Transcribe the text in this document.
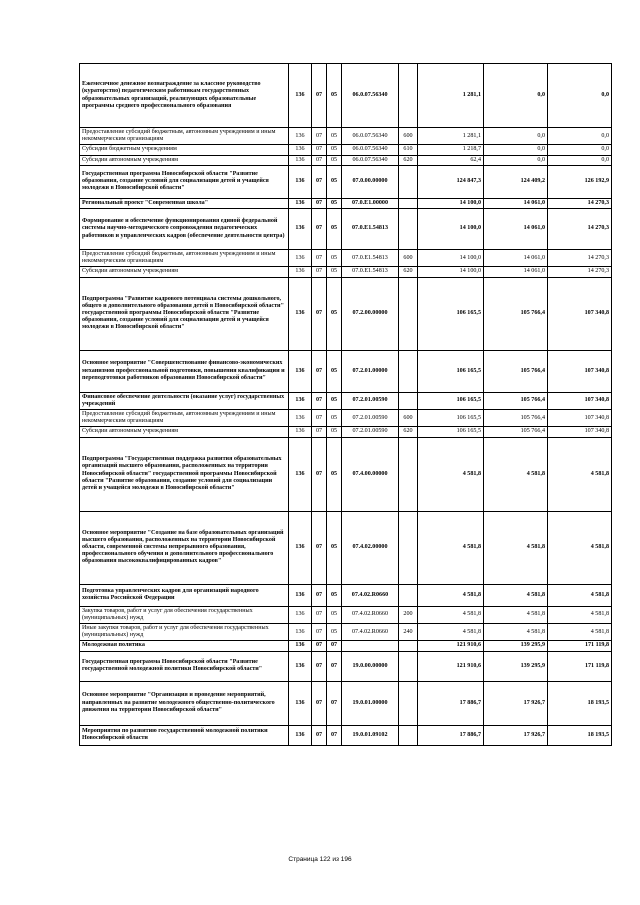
Ежемесячное денежное вознаграждение за классное руководство (кураторство) педагогическим работникам государственных образовательных организаций, реализующих образовательные программы среднего профессионального образования	136	07	05	06.0.07.56340		1 281,1	0,0	0,0
Предоставление субсидий бюджетным, автономным учреждениям и иным некоммерческим организациям	136	07	05	06.0.07.56340	600	1 281,1	0,0	0,0
Субсидии бюджетным учреждениям	136	07	05	06.0.07.56340	610	1 218,7	0,0	0,0
Субсидии автономным учреждениям	136	07	05	06.0.07.56340	620	62,4	0,0	0,0
Государственная программа Новосибирской области "Развитие образования, создание условий для социализации детей и учащейся молодежи в Новосибирской области"	136	07	05	07.0.00.00000		124 847,3	124 409,2	126 192,9
Региональный проект "Современная школа"	136	07	05	07.0.E1.00000		14 100,0	14 061,0	14 270,3
Формирование и обеспечение функционирования единой федеральной системы научно-методического сопровождения педагогических работников и управленческих кадров (обеспечение деятельности центра)	136	07	05	07.0.E1.54813		14 100,0	14 061,0	14 270,3
Предоставление субсидий бюджетным, автономным учреждениям и иным некоммерческим организациям	136	07	05	07.0.E1.54813	600	14 100,0	14 061,0	14 270,3
Субсидии автономным учреждениям	136	07	05	07.0.E1.54813	620	14 100,0	14 061,0	14 270,3
Подпрограмма "Развитие кадрового потенциала системы дошкольного, общего и дополнительного образования детей в Новосибирской области" государственной программы Новосибирской области "Развитие образования, создание условий для социализации детей и учащейся молодежи в Новосибирской области"	136	07	05	07.2.00.00000		106 165,5	105 766,4	107 340,8
Основное мероприятие "Совершенствование финансово-экономических механизмов профессиональной подготовки, повышения квалификации и переподготовки работников образования Новосибирской области"	136	07	05	07.2.01.00000		106 165,5	105 766,4	107 340,8
Финансовое обеспечение деятельности (оказание услуг) государственных учреждений	136	07	05	07.2.01.00590		106 165,5	105 766,4	107 340,8
Предоставление субсидий бюджетным, автономным учреждениям и иным некоммерческим организациям	136	07	05	07.2.01.00590	600	106 165,5	105 766,4	107 340,8
Субсидии автономным учреждениям	136	07	05	07.2.01.00590	620	106 165,5	105 766,4	107 340,8
Подпрограмма "Государственная поддержка развития образовательных организаций высшего образования, расположенных на территории Новосибирской области" государственной программы Новосибирской области "Развитие образования, создание условий для социализации детей и учащейся молодежи в Новосибирской области"	136	07	05	07.4.00.00000		4 581,8	4 581,8	4 581,8
Основное мероприятие "Создание на базе образовательных организаций высшего образования, расположенных на территории Новосибирской области, современной системы непрерывного образования, профессионального обучения и дополнительного профессионального образования высококвалифицированных кадров"	136	07	05	07.4.02.00000		4 581,8	4 581,8	4 581,8
Подготовка управленческих кадров для организаций народного хозяйства Российской Федерации	136	07	05	07.4.02.R0660		4 581,8	4 581,8	4 581,8
Закупка товаров, работ и услуг для обеспечения государственных (муниципальных) нужд	136	07	05	07.4.02.R0660	200	4 581,8	4 581,8	4 581,8
Иные закупки товаров, работ и услуг для обеспечения государственных (муниципальных) нужд	136	07	05	07.4.02.R0660	240	4 581,8	4 581,8	4 581,8
Молодежная политика	136	07	07			121 910,6	139 295,9	171 119,8
Государственная программа Новосибирской области "Развитие государственной молодежной политики Новосибирской области"	136	07	07	19.0.00.00000		121 910,6	139 295,9	171 119,8
Основное мероприятие "Организация и проведение мероприятий, направленных на развитие молодежного общественно-политического движения на территории Новосибирской области"	136	07	07	19.0.01.00000		17 886,7	17 926,7	18 193,5
Мероприятия по развитию государственной молодежной политики Новосибирской области	136	07	07	19.0.01.09102		17 886,7	17 926,7	18 193,5
Страница 122 из 196
